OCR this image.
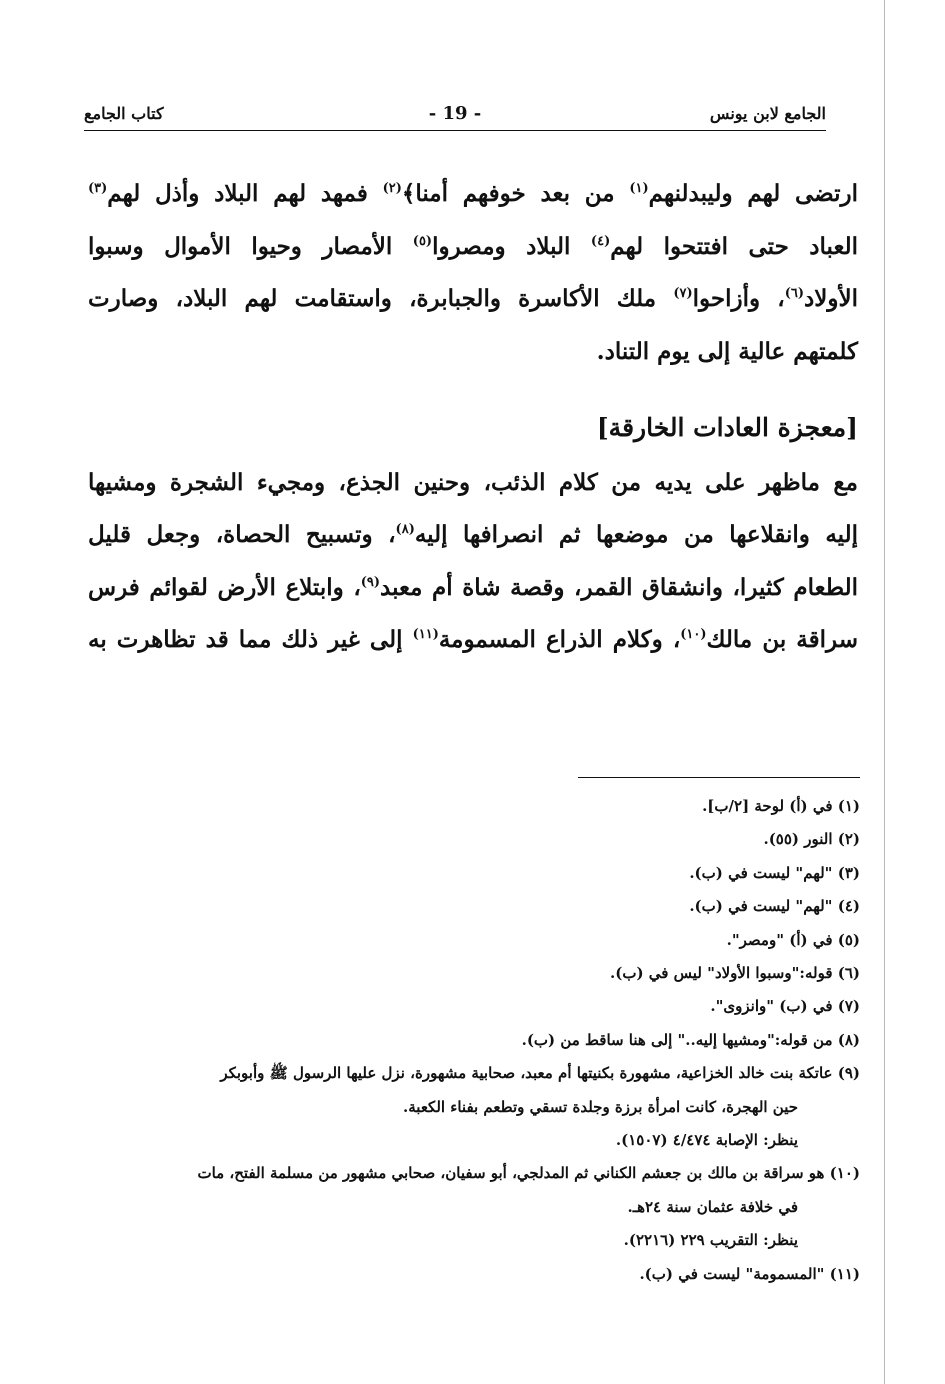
الجامع لابن يونس
- 19 -
كتاب الجامع

ارتضى لهم وليبدلنهم$^{(١)}$ من بعد خوفهم أمنا﴾$^{(٢)}$ فمهد لهم البلاد وأذل لهم$^{(٣)}$

العباد حتى افتتحوا لهم$^{(٤)}$ البلاد ومصروا$^{(٥)}$ الأمصار وحيوا الأموال وسبوا

الأولاد$^{(٦)}$، وأزاحوا$^{(٧)}$ ملك الأكاسرة والجبابرة، واستقامت لهم البلاد، وصارت

كلمتهم عالية إلى يوم التناد.

[معجزة العادات الخارقة]

مع ماظهر على يديه من كلام الذئب، وحنين الجذع، ومجيء الشجرة ومشيها

إليه وانقلاعها من موضعها ثم انصرافها إليه$^{(٨)}$، وتسبيح الحصاة، وجعل قليل

الطعام كثيرا، وانشقاق القمر، وقصة شاة أم معبد$^{(٩)}$، وابتلاع الأرض لقوائم فرس

سراقة بن مالك$^{(١٠)}$، وكلام الذراع المسمومة$^{(١١)}$ إلى غير ذلك مما قد تظاهرت به

(١) في (أ) لوحة [٢/ب].

(٢) النور (٥٥).

(٣) "لهم" ليست في (ب).

(٤) "لهم" ليست في (ب).

(٥) في (أ) "ومصر".

(٦) قوله:"وسبوا الأولاد" ليس في (ب).

(٧) في (ب) "وانزوى".

(٨) من قوله:"ومشيها إليه.." إلى هنا ساقط من (ب).

(٩) عاتكة بنت خالد الخزاعية، مشهورة بكنيتها أم معبد، صحابية مشهورة، نزل عليها الرسول ﷺ وأبوبكر

حين الهجرة، كانت امرأة برزة وجلدة تسقي وتطعم بفناء الكعبة.

ينظر: الإصابة ٤/٤٧٤ (١٥٠٧).

(١٠) هو سراقة بن مالك بن جعشم الكناني ثم المدلجي، أبو سفيان، صحابي مشهور من مسلمة الفتح، مات

في خلافة عثمان سنة ٢٤هـ.

ينظر: التقريب ٢٢٩ (٢٢١٦).

(١١) "المسمومة" ليست في (ب).
